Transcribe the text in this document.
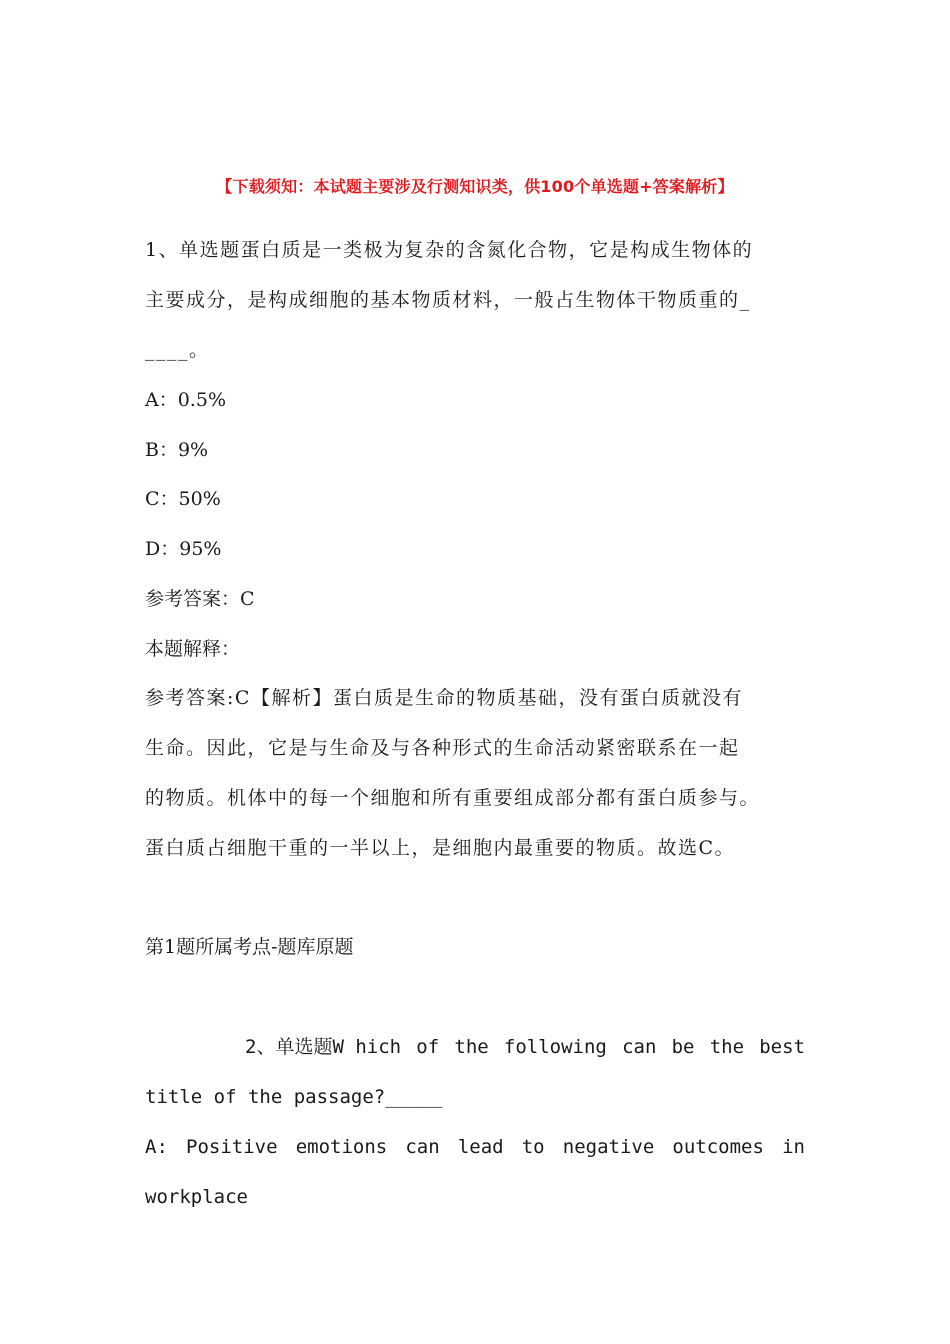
【下载须知：本试题主要涉及行测知识类，供100个单选题+答案解析】
1、单选题蛋白质是一类极为复杂的含氮化合物，它是构成生物体的
主要成分，是构成细胞的基本物质材料，一般占生物体干物质重的_
____。
A：0.5%
B：9%
C：50%
D：95%
参考答案：C
本题解释：
参考答案:C【解析】蛋白质是生命的物质基础，没有蛋白质就没有
生命。因此，它是与生命及与各种形式的生命活动紧密联系在一起
的物质。机体中的每一个细胞和所有重要组成部分都有蛋白质参与。
蛋白质占细胞干重的一半以上，是细胞内最重要的物质。故选C。
第1题所属考点-题库原题
2、单选题W hich of the following can be the best
title of the passage?_____
A: Positive emotions can lead to negative outcomes in
workplace
